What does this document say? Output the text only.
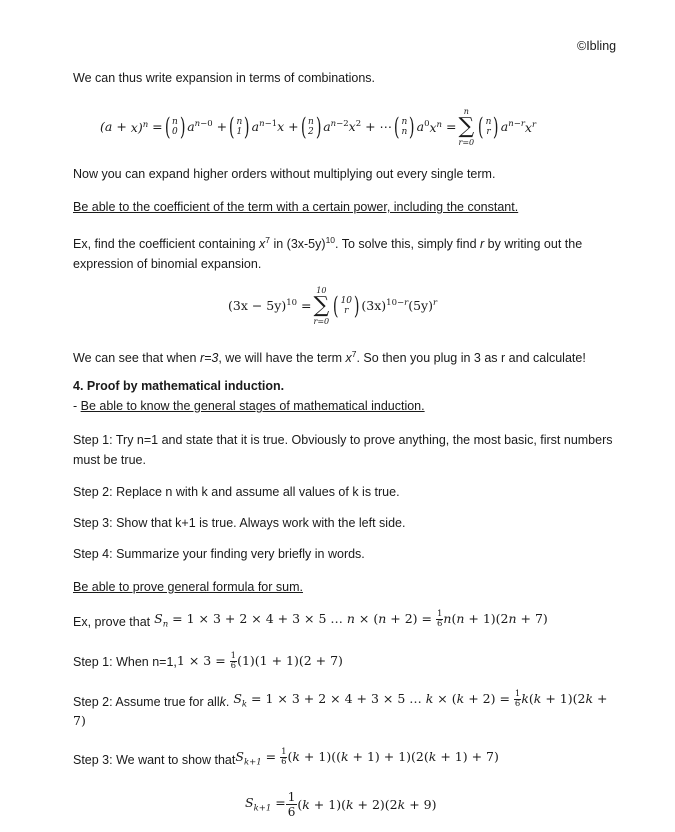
©Ibling
We can thus write expansion in terms of combinations.
$(a + x)^n$ = ( n
0 ) $a^{n-0}$ + ( n
1 ) $a^{n-1}x$ + ( n
2 ) $a^{n-2}x^2$ + ⋯ ( n
n ) $a^0x^n$ =
n
∑
r=0
( n
r ) $a^{n-r}x^r$
Now you can expand higher orders without multiplying out every single term.
Be able to the coefficient of the term with a certain power, including the constant.
Ex, find the coefficient containing $x^7$ in $(3x-5y)^{10}$. To solve this, simply find r by writing out the expression of binomial expansion.
$(3x - 5y)^{10}$ =
10
∑
r=0
( 10
r ) $(3x)^{10-r}(5y)^r$
We can see that when r=3, we will have the term $x^7$. So then you plug in 3 as r and calculate!
4. Proof by mathematical induction.
- Be able to know the general stages of mathematical induction.
Step 1: Try n=1 and state that it is true. Obviously to prove anything, the most basic, first numbers must be true.
Step 2: Replace n with k and assume all values of k is true.
Step 3: Show that k+1 is true. Always work with the left side.
Step 4: Summarize your finding very briefly in words.
Be able to prove general formula for sum.
Ex, prove that $S_n = 1 \times 3 + 2 \times 4 + 3 \times 5$ … $n \times (n + 2) = \frac{1}{6} n(n + 1)(2n + 7)$
Step 1: When n=1, $1 \times 3 = \frac{1}{6} (1)(1 + 1)(2 + 7)$
Step 2: Assume true for all k . $S_k = 1 \times 3 + 2 \times 4 + 3 \times 5$ … $k \times (k + 2) = \frac{1}{6} k(k + 1)(2k$ +
7)
Step 3: We want to show that $S_{k+1} = \frac{1}{6} (k + 1)((k + 1) + 1)(2(k + 1) + 7)$
$S_{k+1} = \frac{1}{6} (k + 1)(k + 2)(2k + 9)$
